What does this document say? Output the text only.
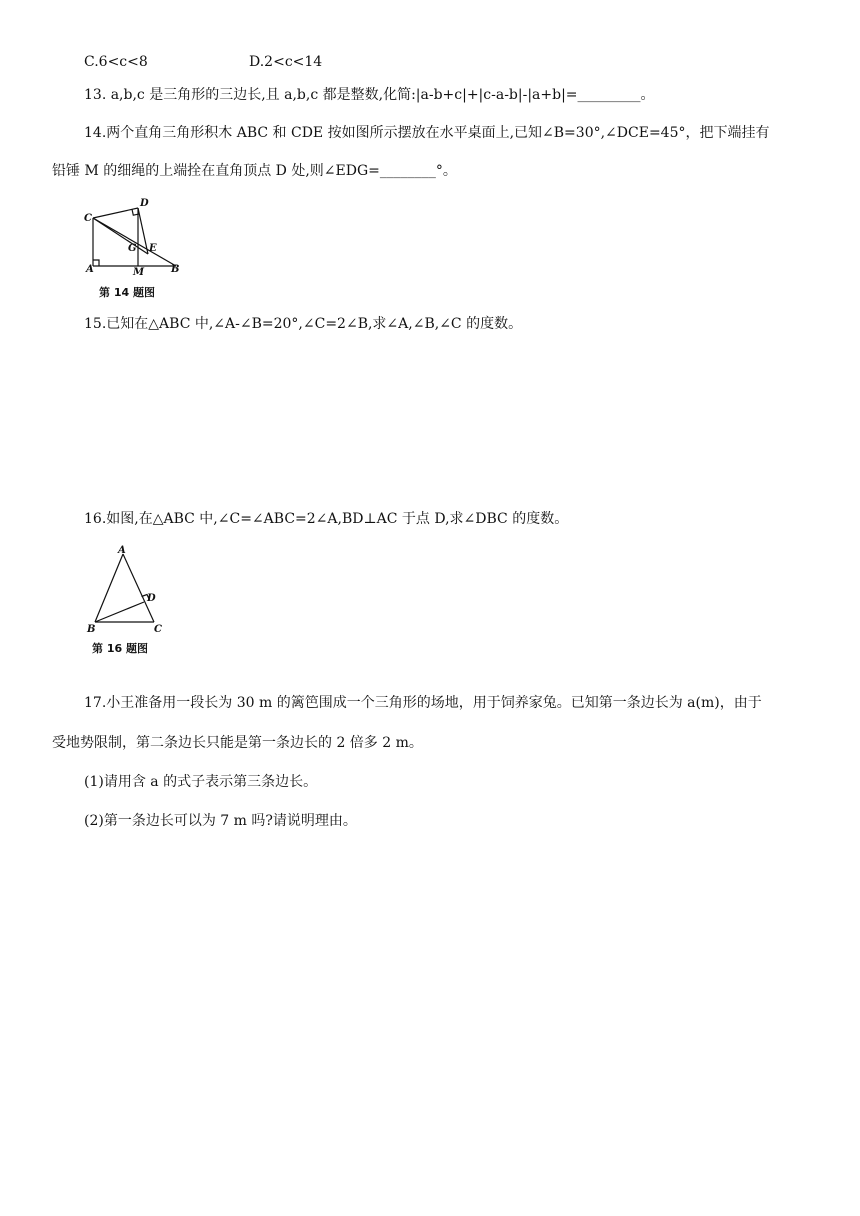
C.6<c<8	D.2<c<14
13. a,b,c 是三角形的三边长,且 a,b,c 都是整数,化简:|a-b+c|+|c-a-b|-|a+b|=_________。
14.两个直角三角形积木 ABC 和 CDE 按如图所示摆放在水平桌面上,已知∠B=30°,∠DCE=45°，把下端挂有
铅锤 M 的细绳的上端拴在直角顶点 D 处,则∠EDG=________°。
C
D
G E
A	M	B
第 14 题图
15.已知在△ABC 中,∠A-∠B=20°,∠C=2∠B,求∠A,∠B,∠C 的度数。
16.如图,在△ABC 中,∠C=∠ABC=2∠A,BD⊥AC 于点 D,求∠DBC 的度数。
A
D
B	C
第 16 题图
17.小王准备用一段长为 30 m 的篱笆围成一个三角形的场地，用于饲养家兔。已知第一条边长为 a(m)，由于
受地势限制，第二条边长只能是第一条边长的 2 倍多 2 m。
(1)请用含 a 的式子表示第三条边长。
(2)第一条边长可以为 7 m 吗?请说明理由。
